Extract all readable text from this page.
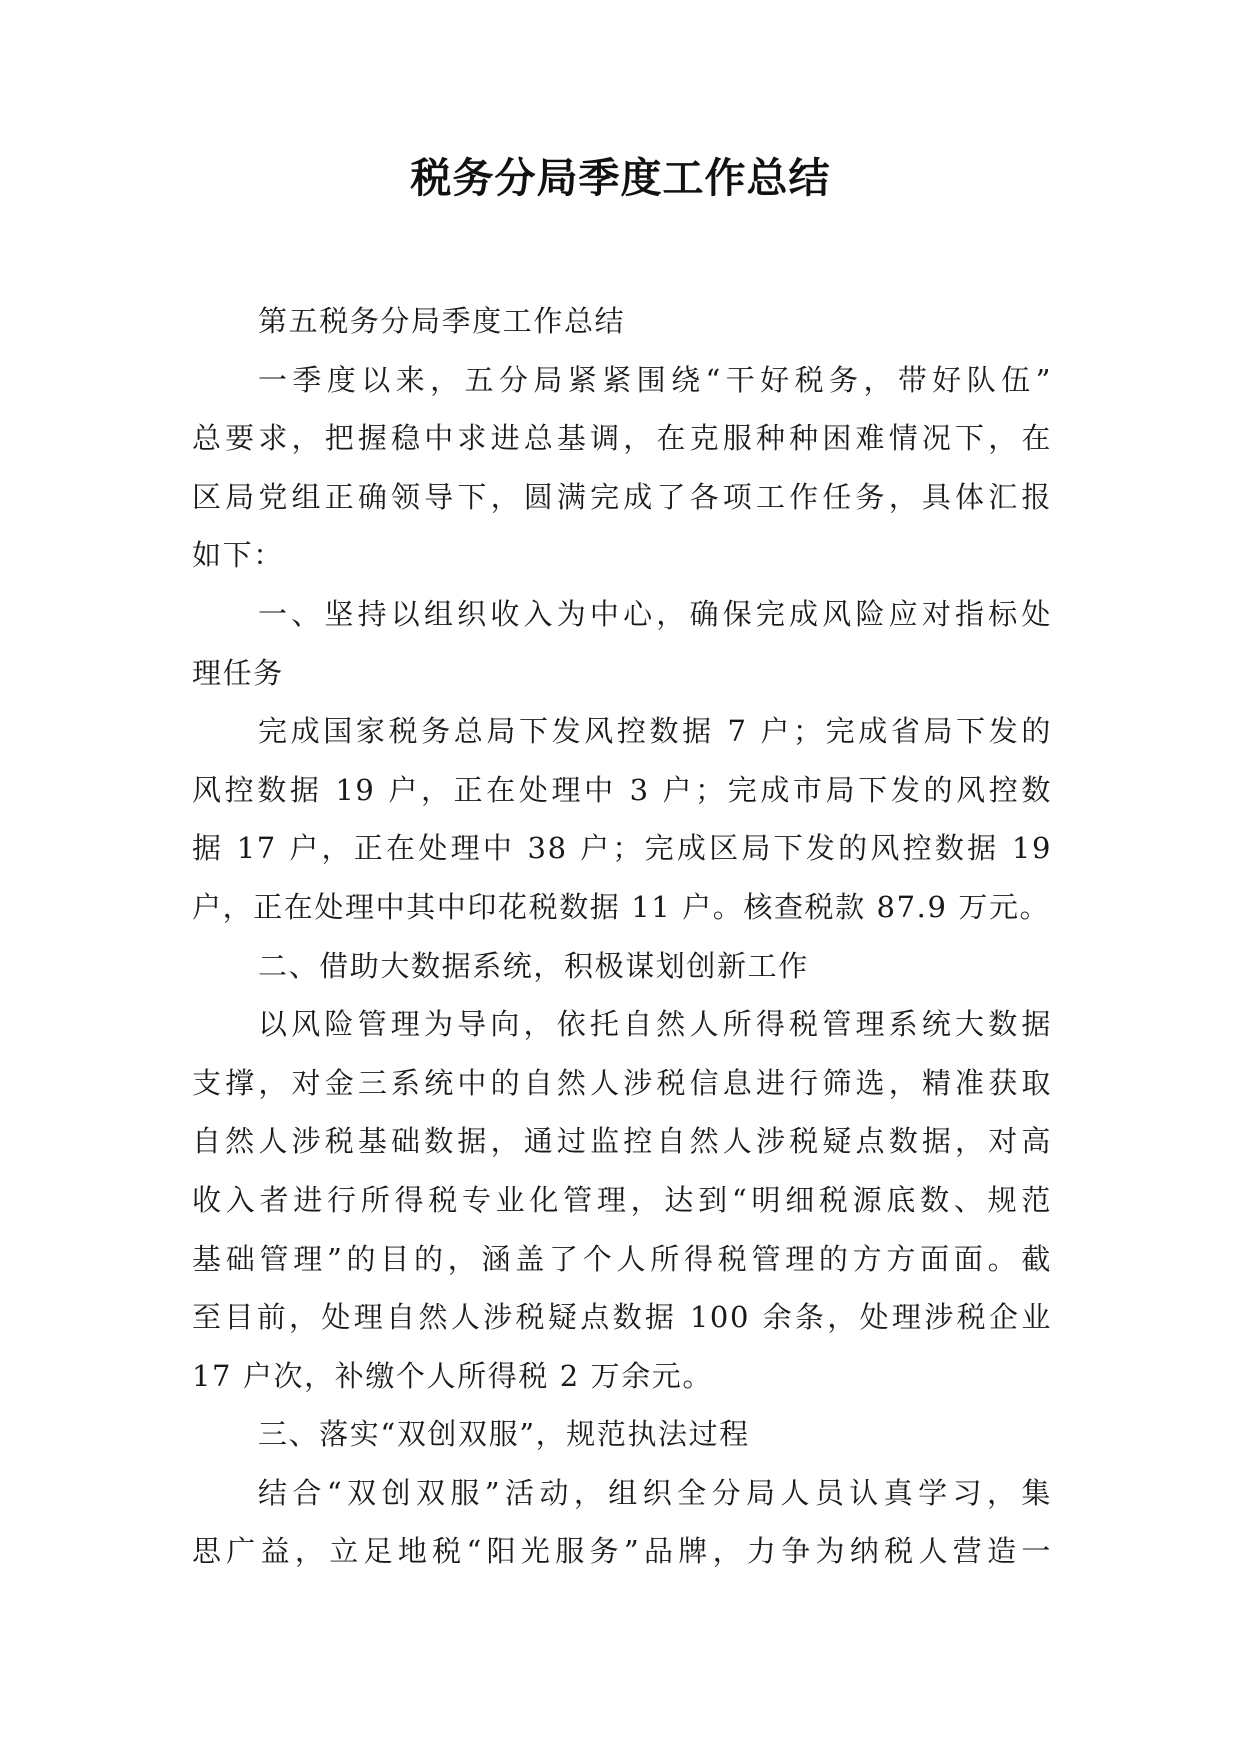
税务分局季度工作总结

第五税务分局季度工作总结

一季度以来，五分局紧紧围绕“干好税务，带好队伍”
总要求，把握稳中求进总基调，在克服种种困难情况下，在
区局党组正确领导下，圆满完成了各项工作任务，具体汇报
如下：

一、坚持以组织收入为中心，确保完成风险应对指标处
理任务

完成国家税务总局下发风控数据 7 户；完成省局下发的
风控数据 19 户，正在处理中 3 户；完成市局下发的风控数
据 17 户，正在处理中 38 户；完成区局下发的风控数据 19
户，正在处理中其中印花税数据 11 户。核查税款 87.9 万元。

二、借助大数据系统，积极谋划创新工作

以风险管理为导向，依托自然人所得税管理系统大数据
支撑，对金三系统中的自然人涉税信息进行筛选，精准获取
自然人涉税基础数据，通过监控自然人涉税疑点数据，对高
收入者进行所得税专业化管理，达到“明细税源底数、规范
基础管理”的目的，涵盖了个人所得税管理的方方面面。截
至目前，处理自然人涉税疑点数据 100 余条，处理涉税企业
17 户次，补缴个人所得税 2 万余元。

三、落实“双创双服”，规范执法过程

结合“双创双服”活动，组织全分局人员认真学习，集
思广益，立足地税“阳光服务”品牌，力争为纳税人营造一
